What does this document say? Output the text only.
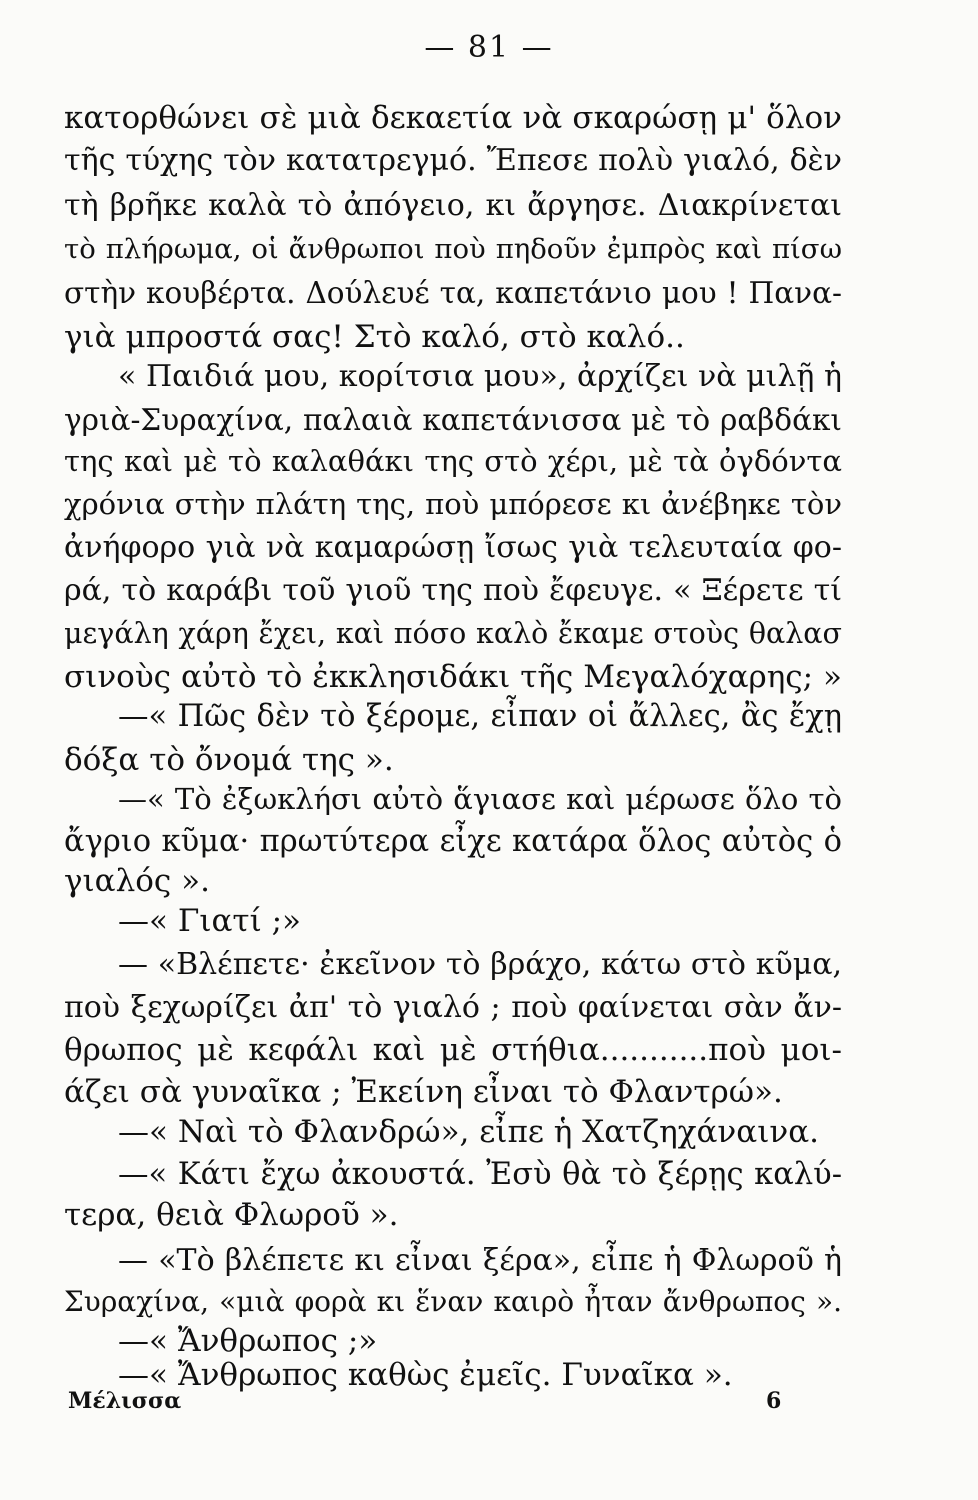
— 81 —
κατορθώνει σὲ μιὰ δεκαετία νὰ σκαρώσῃ μ' ὅλον
τῆς τύχης τὸν κατατρεγμό. Ἔπεσε πολὺ γιαλό, δὲν
τὴ βρῆκε καλὰ τὸ ἀπόγειο, κι ἄργησε. Διακρίνεται
τὸ πλήρωμα, οἱ ἄνθρωποι ποὺ πηδοῦν ἐμπρὸς καὶ πίσω
στὴν κουβέρτα. Δούλευέ τα, καπετάνιο μου ! Πανα-
γιὰ μπροστά σας! Στὸ καλό, στὸ καλό..
« Παιδιά μου, κορίτσια μου», ἀρχίζει νὰ μιλῇ ἡ
γριὰ-Συραχίνα, παλαιὰ καπετάνισσα μὲ τὸ ραβδάκι
της καὶ μὲ τὸ καλαθάκι της στὸ χέρι, μὲ τὰ ὀγδόντα
χρόνια στὴν πλάτη της, ποὺ μπόρεσε κι ἀνέβηκε τὸν
ἀνήφορο γιὰ νὰ καμαρώσῃ ἴσως γιὰ τελευταία φο-
ρά, τὸ καράβι τοῦ γιοῦ της ποὺ ἔφευγε. « Ξέρετε τί
μεγάλη χάρη ἔχει, καὶ πόσο καλὸ ἔκαμε στοὺς θαλασ
σινοὺς αὐτὸ τὸ ἐκκλησιδάκι τῆς Μεγαλόχαρης; »
—« Πῶς δὲν τὸ ξέρομε, εἶπαν οἱ ἄλλες, ἂς ἔχῃ
δόξα τὸ ὄνομά της ».
—« Τὸ ἐξωκλήσι αὐτὸ ἅγιασε καὶ μέρωσε ὅλο τὸ
ἄγριο κῦμα· πρωτύτερα εἶχε κατάρα ὅλος αὐτὸς ὁ
γιαλός ».
—« Γιατί ;»
— «Βλέπετε· ἐκεῖνον τὸ βράχο, κάτω στὸ κῦμα,
ποὺ ξεχωρίζει ἀπ' τὸ γιαλό ; ποὺ φαίνεται σὰν ἄν-
θρωπος μὲ κεφάλι καὶ μὲ στήθια...........ποὺ μοι-
άζει σὰ γυναῖκα ; Ἐκείνη εἶναι τὸ Φλαντρώ».
—« Ναὶ τὸ Φλανδρώ», εἶπε ἡ Χατζηχάναινα.
—« Κάτι ἔχω ἀκουστά. Ἐσὺ θὰ τὸ ξέρῃς καλύ-
τερα, θειὰ Φλωροῦ ».
— «Τὸ βλέπετε κι εἶναι ξέρα», εἶπε ἡ Φλωροῦ ἡ
Συραχίνα, «μιὰ φορὰ κι ἕναν καιρὸ ἦταν ἄνθρωπος ».
—« Ἄνθρωπος ;»
—« Ἄνθρωπος καθὼς ἐμεῖς. Γυναῖκα ».
Μέλισσα	6
